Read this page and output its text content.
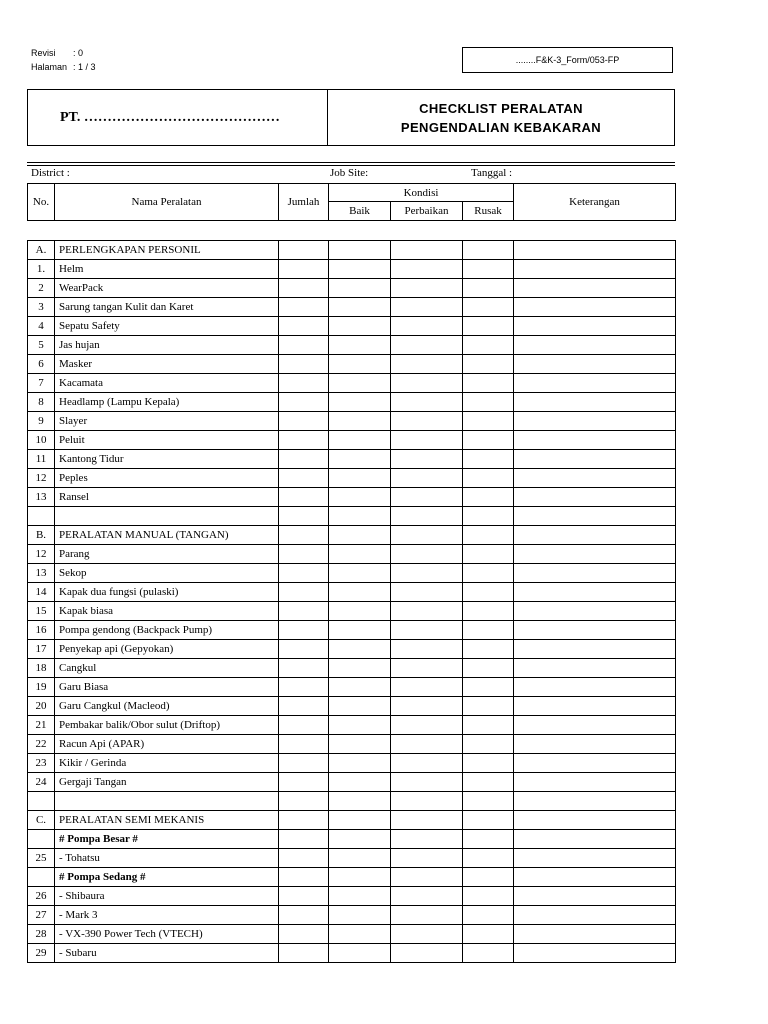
Revisi	: 0
Halaman : 1 / 3
........F&K-3_Form/053-FP
PT. ……………………………………
CHECKLIST PERALATAN
PENGENDALIAN KEBAKARAN
District :	Job Site:	Tanggal :
No.	Nama Peralatan	Jumlah	Kondisi			Keterangan
			Baik	Perbaikan	Rusak	
A.	PERLENGKAPAN PERSONIL					
1.	Helm					
2	WearPack					
3	Sarung tangan Kulit dan Karet					
4	Sepatu Safety					
5	Jas hujan					
6	Masker					
7	Kacamata					
8	Headlamp (Lampu Kepala)					
9	Slayer					
10	Peluit					
11	Kantong Tidur					
12	Peples					
13	Ransel					

B.	PERALATAN MANUAL (TANGAN)					
12	Parang					
13	Sekop					
14	Kapak dua fungsi (pulaski)					
15	Kapak biasa					
16	Pompa gendong (Backpack Pump)					
17	Penyekap api (Gepyokan)					
18	Cangkul					
19	Garu Biasa					
20	Garu Cangkul (Macleod)					
21	Pembakar balik/Obor sulut (Driftop)					
22	Racun Api (APAR)					
23	Kikir / Gerinda					
24	Gergaji Tangan					

C.	PERALATAN SEMI MEKANIS					
	# Pompa Besar #					
25	- Tohatsu					
	# Pompa Sedang #					
26	- Shibaura					
27	- Mark 3					
28	- VX-390 Power Tech (VTECH)					
29	- Subaru					
